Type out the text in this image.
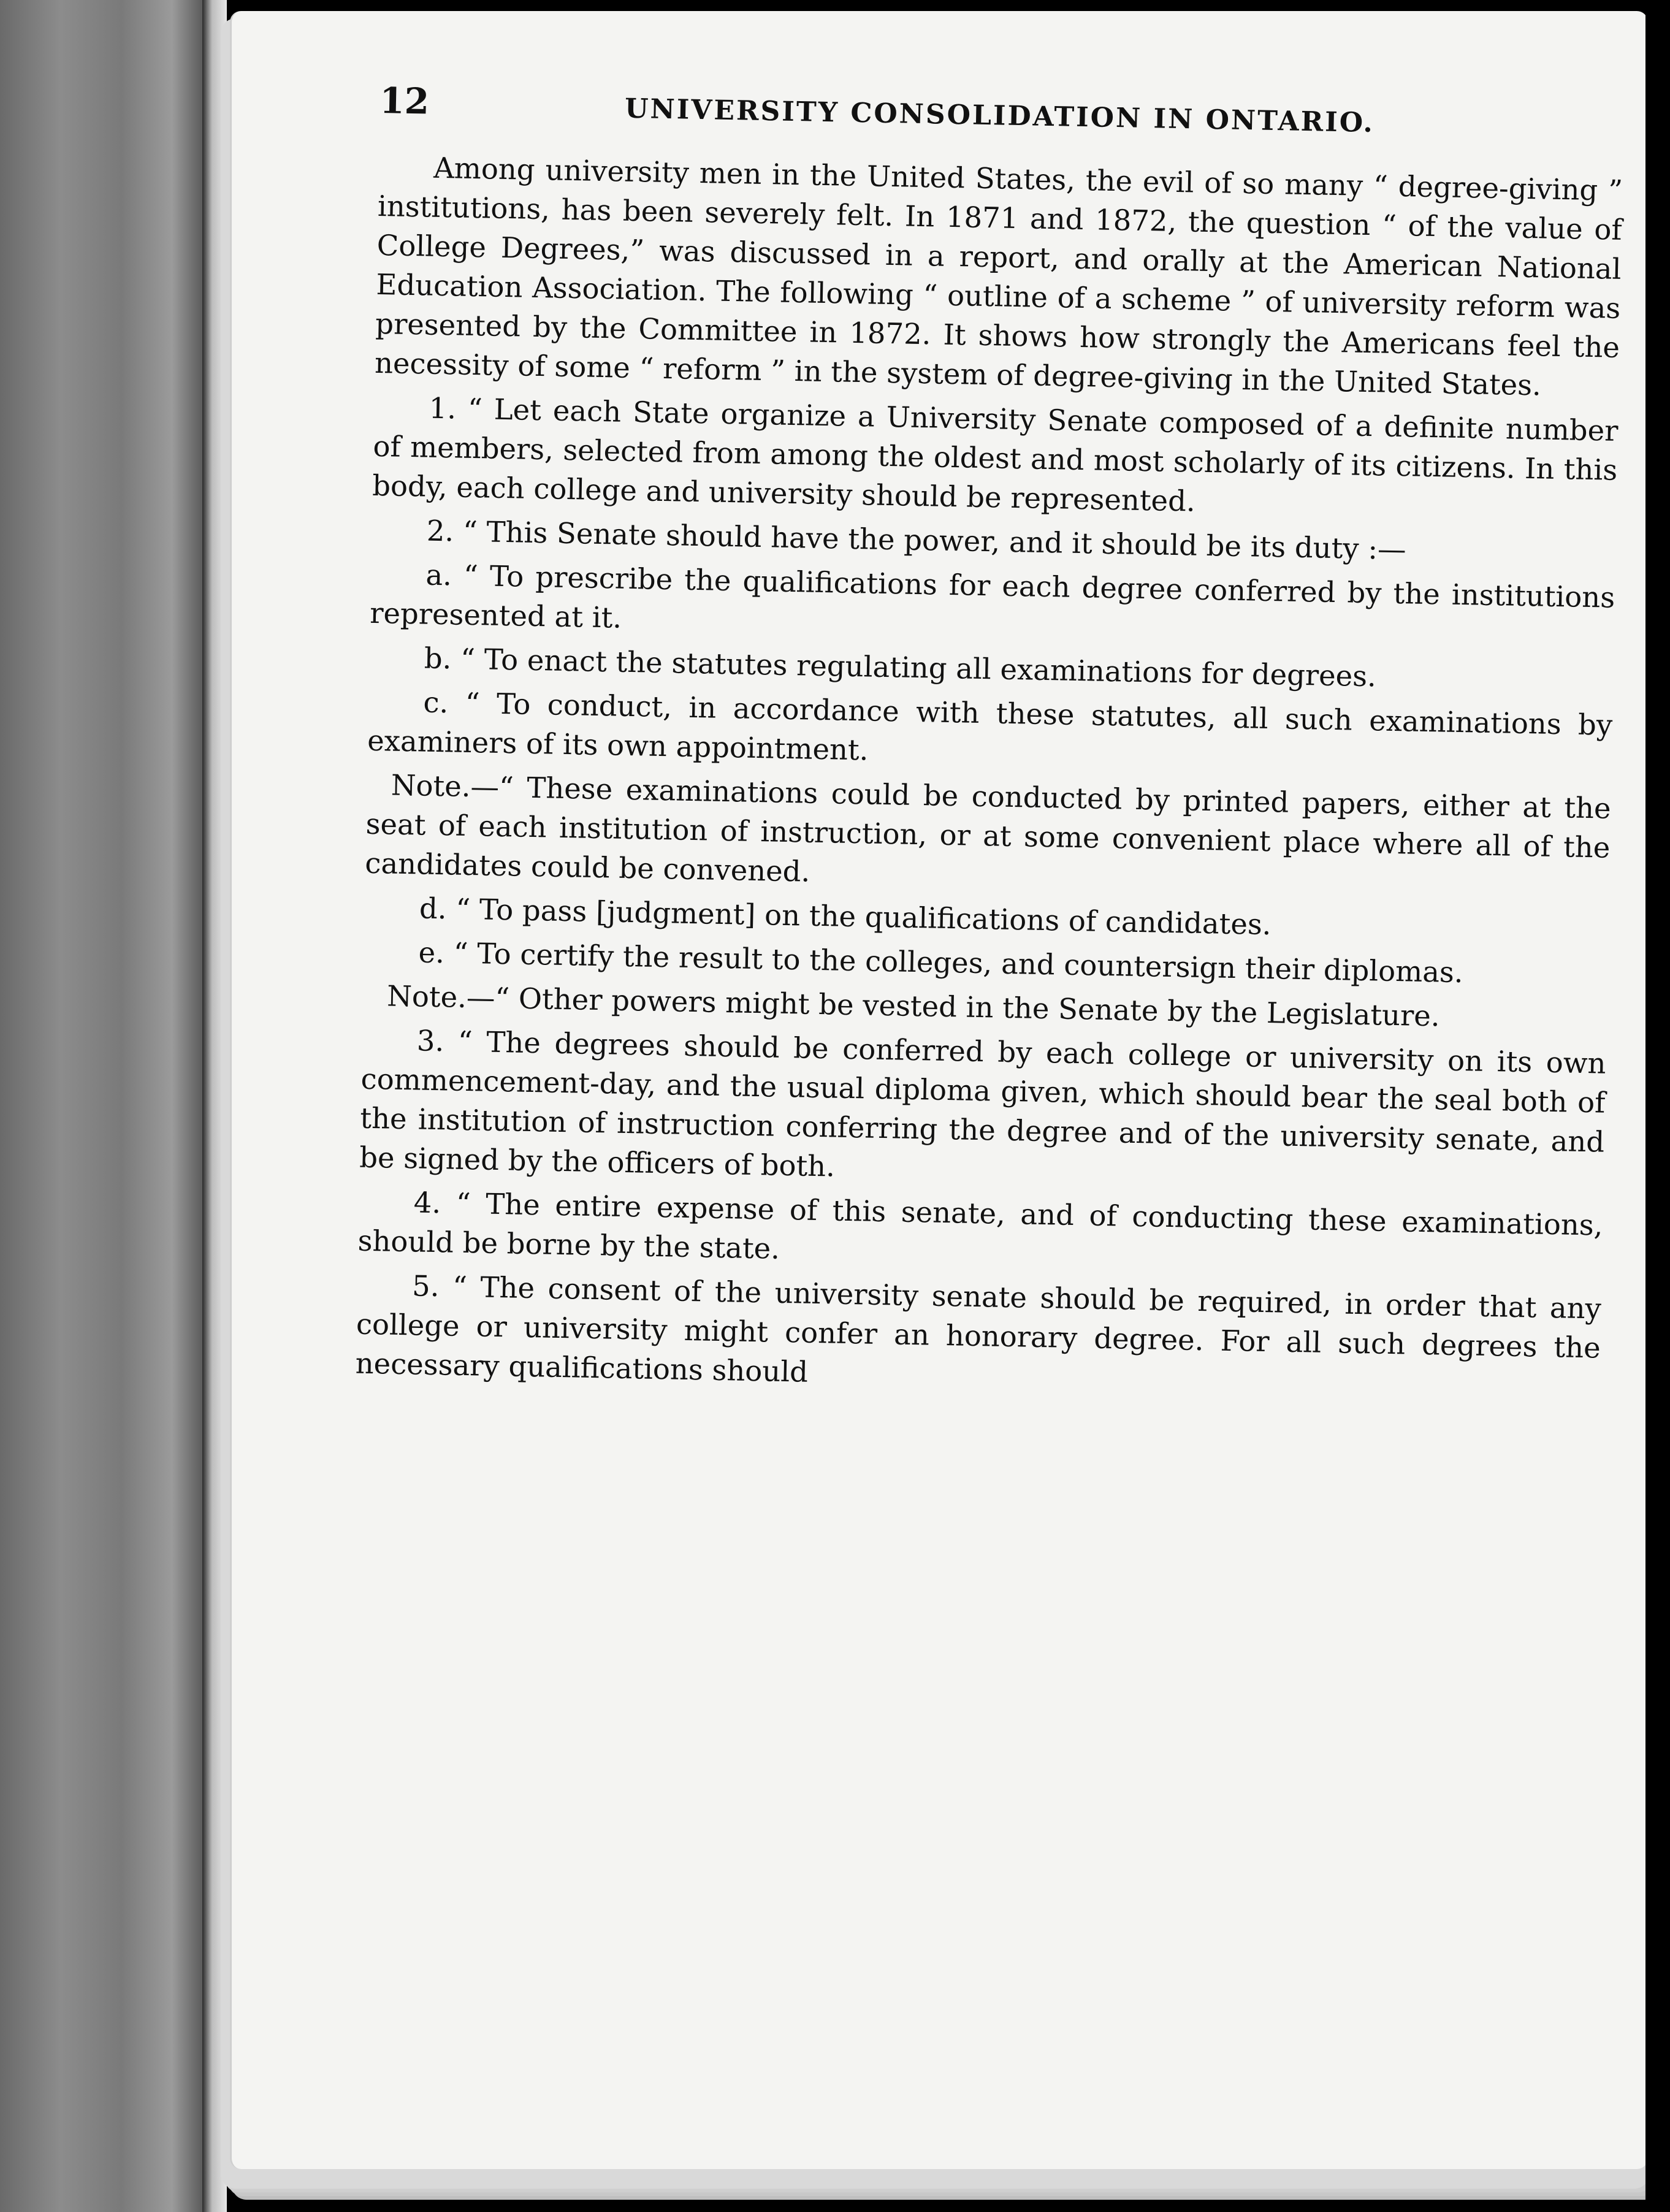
12	UNIVERSITY CONSOLIDATION IN ONTARIO.

Among university men in the United States, the evil of so many “ degree-giving ” institutions, has been severely felt. In 1871 and 1872, the question “ of the value of College Degrees,” was discussed in a report, and orally at the American National Education Association. The following “ outline of a scheme ” of university reform was presented by the Committee in 1872. It shows how strongly the Americans feel the necessity of some “ reform ” in the system of degree-giving in the United States.

1. “ Let each State organize a University Senate composed of a definite number of members, selected from among the oldest and most scholarly of its citizens. In this body, each college and university should be represented.

2. “ This Senate should have the power, and it should be its duty :—

a. “ To prescribe the qualifications for each degree conferred by the institutions represented at it.

b. “ To enact the statutes regulating all examinations for degrees.

c. “ To conduct, in accordance with these statutes, all such examinations by examiners of its own appointment.

Note.—“ These examinations could be conducted by printed papers, either at the seat of each institution of instruction, or at some convenient place where all of the candidates could be convened.

d. “ To pass [judgment] on the qualifications of candidates.

e. “ To certify the result to the colleges, and countersign their diplomas.

Note.—“ Other powers might be vested in the Senate by the Legislature.

3. “ The degrees should be conferred by each college or university on its own commencement-day, and the usual diploma given, which should bear the seal both of the institution of instruction conferring the degree and of the university senate, and be signed by the officers of both.

4. “ The entire expense of this senate, and of conducting these examinations, should be borne by the state.

5. “ The consent of the university senate should be required, in order that any college or university might confer an honorary degree. For all such degrees the necessary qualifications should
